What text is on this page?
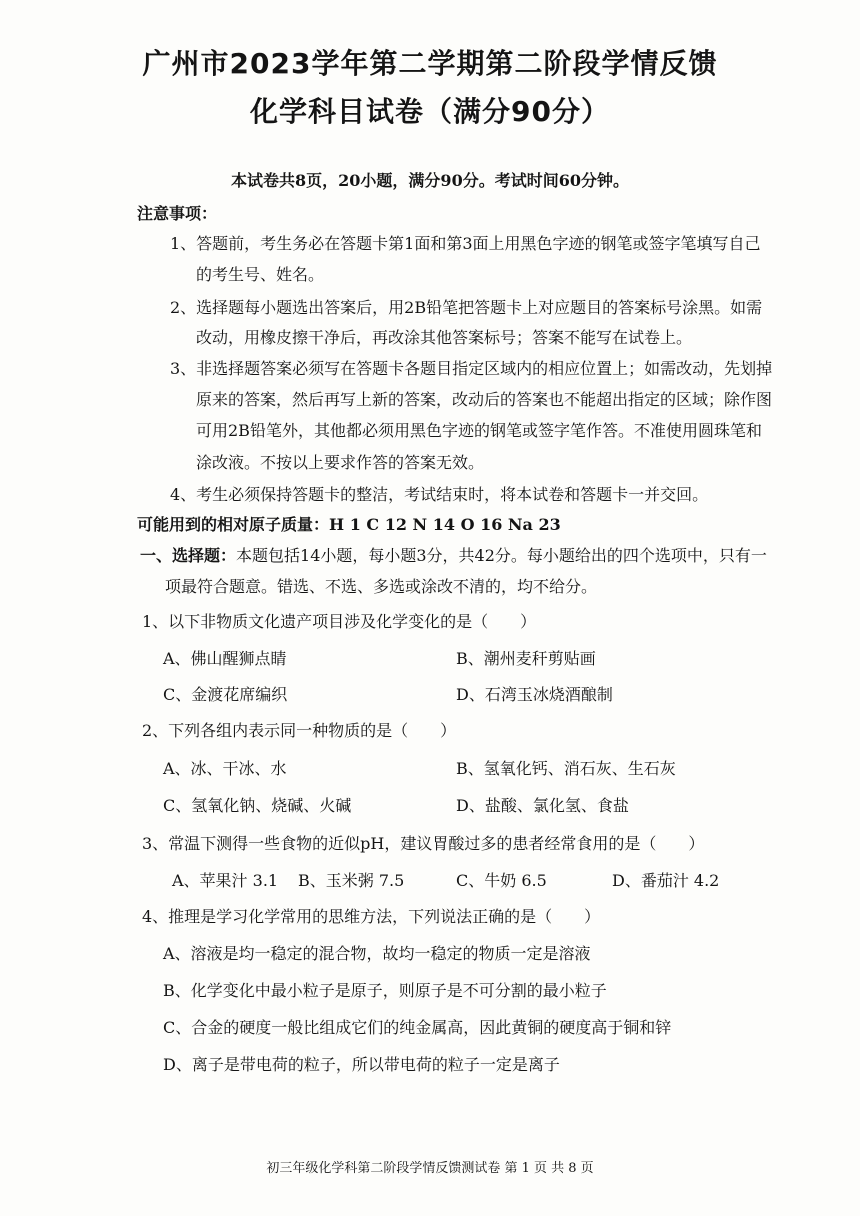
广州市2023学年第二学期第二阶段学情反馈
化学科目试卷（满分90分）
本试卷共8页，20小题，满分90分。考试时间60分钟。
注意事项：
1、答题前，考生务必在答题卡第1面和第3面上用黑色字迹的钢笔或签字笔填写自己
的考生号、姓名。
2、选择题每小题选出答案后，用2B铅笔把答题卡上对应题目的答案标号涂黑。如需
改动，用橡皮擦干净后，再改涂其他答案标号；答案不能写在试卷上。
3、非选择题答案必须写在答题卡各题目指定区域内的相应位置上；如需改动，先划掉
原来的答案，然后再写上新的答案，改动后的答案也不能超出指定的区域；除作图
可用2B铅笔外，其他都必须用黑色字迹的钢笔或签字笔作答。不准使用圆珠笔和
涂改液。不按以上要求作答的答案无效。
4、考生必须保持答题卡的整洁，考试结束时，将本试卷和答题卡一并交回。
可能用到的相对原子质量：H 1 C 12 N 14 O 16 Na 23
一、选择题：本题包括14小题，每小题3分，共42分。每小题给出的四个选项中，只有一
项最符合题意。错选、不选、多选或涂改不清的，均不给分。
1、以下非物质文化遗产项目涉及化学变化的是（　　）
A、佛山醒狮点睛	B、潮州麦秆剪贴画
C、金渡花席编织	D、石湾玉冰烧酒酿制
2、下列各组内表示同一种物质的是（　　）
A、冰、干冰、水	B、氢氧化钙、消石灰、生石灰
C、氢氧化钠、烧碱、火碱	D、盐酸、氯化氢、食盐
3、常温下测得一些食物的近似pH，建议胃酸过多的患者经常食用的是（　　）
A、苹果汁 3.1 B、玉米粥 7.5	C、牛奶 6.5	D、番茄汁 4.2
4、推理是学习化学常用的思维方法，下列说法正确的是（　　）
A、溶液是均一稳定的混合物，故均一稳定的物质一定是溶液
B、化学变化中最小粒子是原子，则原子是不可分割的最小粒子
C、合金的硬度一般比组成它们的纯金属高，因此黄铜的硬度高于铜和锌
D、离子是带电荷的粒子，所以带电荷的粒子一定是离子
初三年级化学科第二阶段学情反馈测试卷 第 1 页 共 8 页
